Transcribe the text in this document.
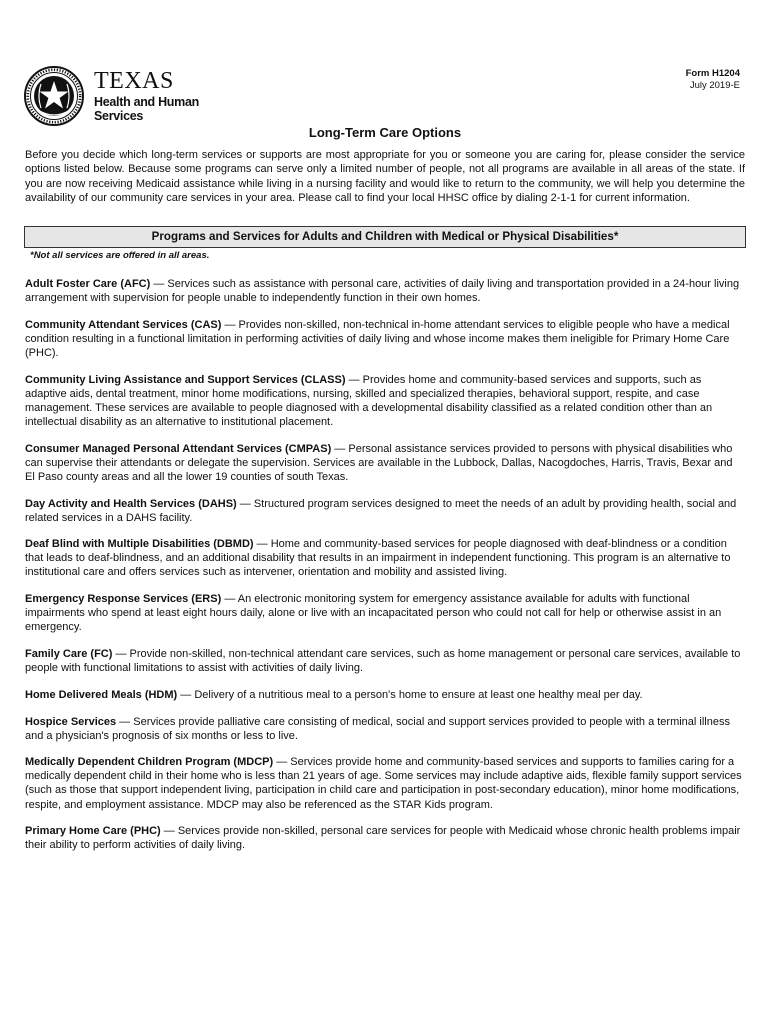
TEXAS
Health and Human
Services
Form H1204
July 2019-E
Long-Term Care Options

Before you decide which long-term services or supports are most appropriate for you or someone you are caring for, please consider the service options listed below. Because some programs can serve only a limited number of people, not all programs are available in all areas of the state. If you are now receiving Medicaid assistance while living in a nursing facility and would like to return to the community, we will help you determine the availability of our community care services in your area. Please call to find your local HHSC office by dialing 2-1-1 for current information.

Programs and Services for Adults and Children with Medical or Physical Disabilities*
*Not all services are offered in all areas.

Adult Foster Care (AFC) — Services such as assistance with personal care, activities of daily living and transportation provided in a 24-hour living arrangement with supervision for people unable to independently function in their own homes.

Community Attendant Services (CAS) — Provides non-skilled, non-technical in-home attendant services to eligible people who have a medical condition resulting in a functional limitation in performing activities of daily living and whose income makes them ineligible for Primary Home Care (PHC).

Community Living Assistance and Support Services (CLASS) — Provides home and community-based services and supports, such as adaptive aids, dental treatment, minor home modifications, nursing, skilled and specialized therapies, behavioral support, respite, and case management. These services are available to people diagnosed with a developmental disability classified as a related condition other than an intellectual disability as an alternative to institutional placement.

Consumer Managed Personal Attendant Services (CMPAS) — Personal assistance services provided to persons with physical disabilities who can supervise their attendants or delegate the supervision. Services are available in the Lubbock, Dallas, Nacogdoches, Harris, Travis, Bexar and El Paso county areas and all the lower 19 counties of south Texas.

Day Activity and Health Services (DAHS) — Structured program services designed to meet the needs of an adult by providing health, social and related services in a DAHS facility.

Deaf Blind with Multiple Disabilities (DBMD) — Home and community-based services for people diagnosed with deaf-blindness or a condition that leads to deaf-blindness, and an additional disability that results in an impairment in independent functioning. This program is an alternative to institutional care and offers services such as intervener, orientation and mobility and assisted living.

Emergency Response Services (ERS) — An electronic monitoring system for emergency assistance available for adults with functional impairments who spend at least eight hours daily, alone or live with an incapacitated person who could not call for help or otherwise assist in an emergency.

Family Care (FC) — Provide non-skilled, non-technical attendant care services, such as home management or personal care services, available to people with functional limitations to assist with activities of daily living.

Home Delivered Meals (HDM) — Delivery of a nutritious meal to a person's home to ensure at least one healthy meal per day.

Hospice Services — Services provide palliative care consisting of medical, social and support services provided to people with a terminal illness and a physician's prognosis of six months or less to live.

Medically Dependent Children Program (MDCP) — Services provide home and community-based services and supports to families caring for a medically dependent child in their home who is less than 21 years of age. Some services may include adaptive aids, flexible family support services (such as those that support independent living, participation in child care and participation in post-secondary education), minor home modifications, respite, and employment assistance. MDCP may also be referenced as the STAR Kids program.

Primary Home Care (PHC) — Services provide non-skilled, personal care services for people with Medicaid whose chronic health problems impair their ability to perform activities of daily living.
